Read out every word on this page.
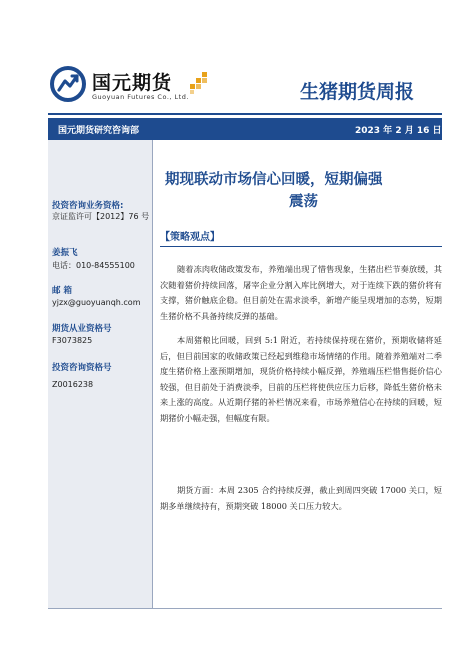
国元期货
Guoyuan Futures Co., Ltd.	生猪期货周报
国元期货研究咨询部	2023 年 2 月 16 日
投资咨询业务资格:
京证监许可【2012】76 号
姜振飞
电话：010-84555100
邮 箱
yjzx@guoyuanqh.com
期货从业资格号
F3073825
投资咨询资格号
Z0016238
期现联动市场信心回暖，短期偏强
震荡
【策略观点】
随着冻肉收储政策发布，养殖端出现了惜售现象，生猪出栏节奏放缓，其次随着猪价持续回落，屠宰企业分割入库比例增大，对于连续下跌的猪价将有支撑，猪价触底企稳。但目前处在需求淡季，新增产能呈现增加的态势，短期生猪价格不具备持续反弹的基础。
本周猪粮比回暖，回到 5:1 附近，若持续保持现在猪价，预期收储将延后，但目前国家的收储政策已经起到维稳市场情绪的作用。随着养殖端对二季度生猪价格上涨预期增加，现货价格持续小幅反弹，养殖端压栏惜售挺价信心较强，但目前处于消费淡季，目前的压栏将使供应压力后移，降低生猪价格未来上涨的高度。从近期仔猪的补栏情况来看，市场养殖信心在持续的回暖，短期猪价小幅走强，但幅度有限。
期货方面：本周 2305 合约持续反弹，截止到周四突破 17000 关口，短期多单继续持有，预期突破 18000 关口压力较大。
